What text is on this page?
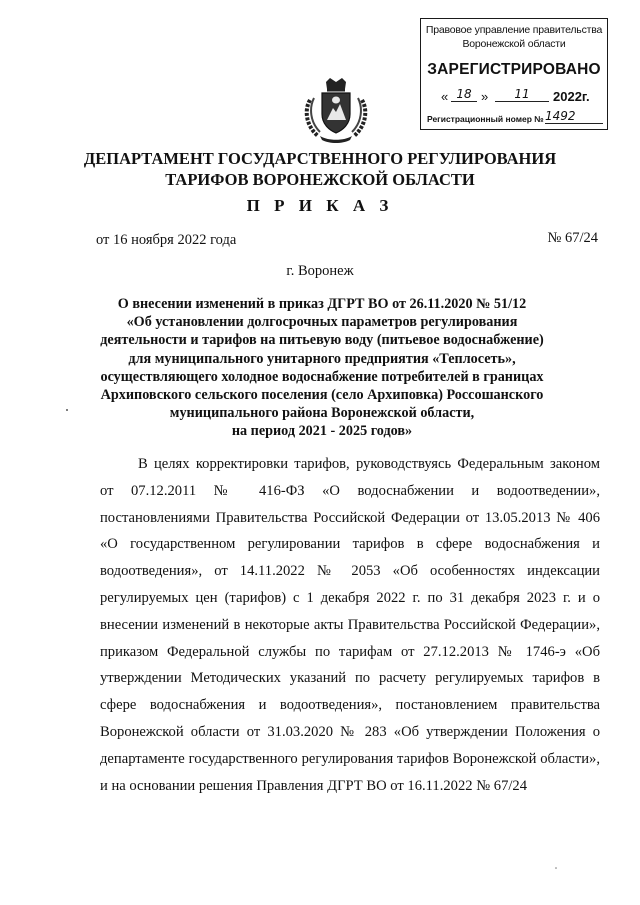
Правовое управление правительства
Воронежской области
ЗАРЕГИСТРИРОВАНО
« 18 »	11	2022г.
Регистрационный номер № 1492
ДЕПАРТАМЕНТ ГОСУДАРСТВЕННОГО РЕГУЛИРОВАНИЯ
ТАРИФОВ ВОРОНЕЖСКОЙ ОБЛАСТИ
П Р И К А З
от 16 ноября 2022 года	№ 67/24
г. Воронеж
О внесении изменений в приказ ДГРТ ВО от 26.11.2020 № 51/12
«Об установлении долгосрочных параметров регулирования
деятельности и тарифов на питьевую воду (питьевое водоснабжение)
для муниципального унитарного предприятия «Теплосеть»,
осуществляющего холодное водоснабжение потребителей в границах
Архиповского сельского поселения (село Архиповка) Россошанского
муниципального района Воронежской области,
на период 2021 - 2025 годов»
В целях корректировки тарифов, руководствуясь Федеральным законом от 07.12.2011 № 416-ФЗ «О водоснабжении и водоотведении», постановлениями Правительства Российской Федерации от 13.05.2013 № 406 «О государственном регулировании тарифов в сфере водоснабжения и водоотведения», от 14.11.2022 № 2053 «Об особенностях индексации регулируемых цен (тарифов) с 1 декабря 2022 г. по 31 декабря 2023 г. и о внесении изменений в некоторые акты Правительства Российской Федерации», приказом Федеральной службы по тарифам от 27.12.2013 № 1746-э «Об утверждении Методических указаний по расчету регулируемых тарифов в сфере водоснабжения и водоотведения», постановлением правительства Воронежской области от 31.03.2020 № 283 «Об утверждении Положения о департаменте государственного регулирования тарифов Воронежской области», и на основании решения Правления ДГРТ ВО от 16.11.2022 № 67/24
